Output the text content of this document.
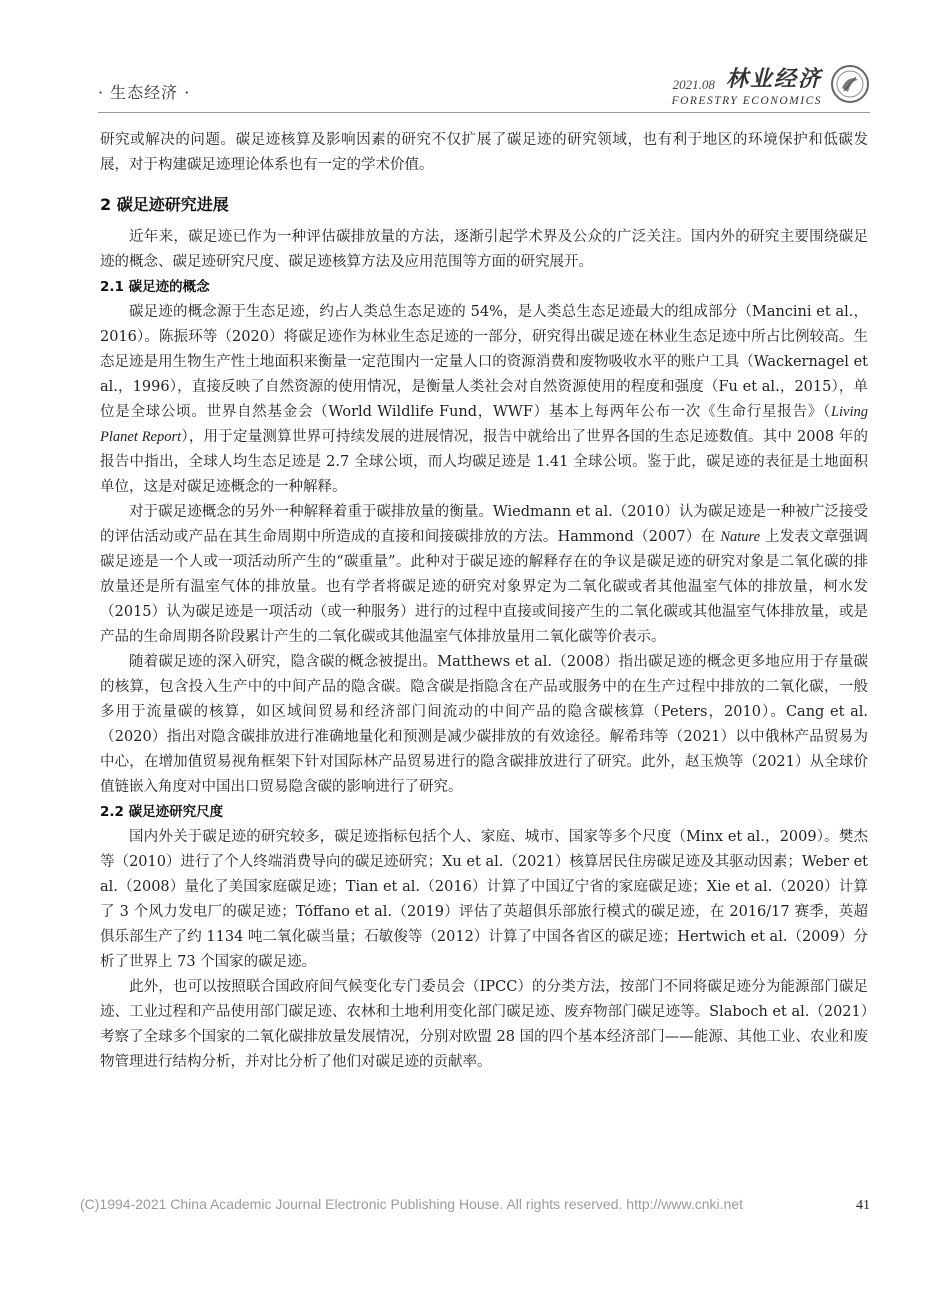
· 生态经济 ·	2021.08 林业经济
FORESTRY ECONOMICS

研究或解决的问题。碳足迹核算及影响因素的研究不仅扩展了碳足迹的研究领域，也有利于地区的环境保护和低碳发展，对于构建碳足迹理论体系也有一定的学术价值。

2 碳足迹研究进展

近年来，碳足迹已作为一种评估碳排放量的方法，逐渐引起学术界及公众的广泛关注。国内外的研究主要围绕碳足迹的概念、碳足迹研究尺度、碳足迹核算方法及应用范围等方面的研究展开。

2.1 碳足迹的概念

碳足迹的概念源于生态足迹，约占人类总生态足迹的 54%，是人类总生态足迹最大的组成部分（Mancini et al.，2016）。陈振环等（2020）将碳足迹作为林业生态足迹的一部分，研究得出碳足迹在林业生态足迹中所占比例较高。生态足迹是用生物生产性土地面积来衡量一定范围内一定量人口的资源消费和废物吸收水平的账户工具（Wackernagel et al.，1996），直接反映了自然资源的使用情况，是衡量人类社会对自然资源使用的程度和强度（Fu et al.，2015），单位是全球公顷。世界自然基金会（World Wildlife Fund，WWF）基本上每两年公布一次《生命行星报告》（Living Planet Report），用于定量测算世界可持续发展的进展情况，报告中就给出了世界各国的生态足迹数值。其中 2008 年的报告中指出，全球人均生态足迹是 2.7 全球公顷，而人均碳足迹是 1.41 全球公顷。鉴于此，碳足迹的表征是土地面积单位，这是对碳足迹概念的一种解释。

对于碳足迹概念的另外一种解释着重于碳排放量的衡量。Wiedmann et al.（2010）认为碳足迹是一种被广泛接受的评估活动或产品在其生命周期中所造成的直接和间接碳排放的方法。Hammond（2007）在 Nature 上发表文章强调碳足迹是一个人或一项活动所产生的“碳重量”。此种对于碳足迹的解释存在的争议是碳足迹的研究对象是二氧化碳的排放量还是所有温室气体的排放量。也有学者将碳足迹的研究对象界定为二氧化碳或者其他温室气体的排放量，柯水发（2015）认为碳足迹是一项活动（或一种服务）进行的过程中直接或间接产生的二氧化碳或其他温室气体排放量，或是产品的生命周期各阶段累计产生的二氧化碳或其他温室气体排放量用二氧化碳等价表示。

随着碳足迹的深入研究，隐含碳的概念被提出。Matthews et al.（2008）指出碳足迹的概念更多地应用于存量碳的核算，包含投入生产中的中间产品的隐含碳。隐含碳是指隐含在产品或服务中的在生产过程中排放的二氧化碳，一般多用于流量碳的核算，如区域间贸易和经济部门间流动的中间产品的隐含碳核算（Peters，2010）。Cang et al.（2020）指出对隐含碳排放进行准确地量化和预测是减少碳排放的有效途径。解希玮等（2021）以中俄林产品贸易为中心，在增加值贸易视角框架下针对国际林产品贸易进行的隐含碳排放进行了研究。此外，赵玉焕等（2021）从全球价值链嵌入角度对中国出口贸易隐含碳的影响进行了研究。

2.2 碳足迹研究尺度

国内外关于碳足迹的研究较多，碳足迹指标包括个人、家庭、城市、国家等多个尺度（Minx et al.，2009）。樊杰等（2010）进行了个人终端消费导向的碳足迹研究；Xu et al.（2021）核算居民住房碳足迹及其驱动因素；Weber et al.（2008）量化了美国家庭碳足迹；Tian et al.（2016）计算了中国辽宁省的家庭碳足迹；Xie et al.（2020）计算了 3 个风力发电厂的碳足迹；Tóffano et al.（2019）评估了英超俱乐部旅行模式的碳足迹，在 2016/17 赛季，英超俱乐部生产了约 1134 吨二氧化碳当量；石敏俊等（2012）计算了中国各省区的碳足迹；Hertwich et al.（2009）分析了世界上 73 个国家的碳足迹。

此外，也可以按照联合国政府间气候变化专门委员会（IPCC）的分类方法，按部门不同将碳足迹分为能源部门碳足迹、工业过程和产品使用部门碳足迹、农林和土地利用变化部门碳足迹、废弃物部门碳足迹等。Slaboch et al.（2021）考察了全球多个国家的二氧化碳排放量发展情况，分别对欧盟 28 国的四个基本经济部门——能源、其他工业、农业和废物管理进行结构分析，并对比分析了他们对碳足迹的贡献率。

(C)1994-2021 China Academic Journal Electronic Publishing House. All rights reserved. http://www.cnki.net	41
